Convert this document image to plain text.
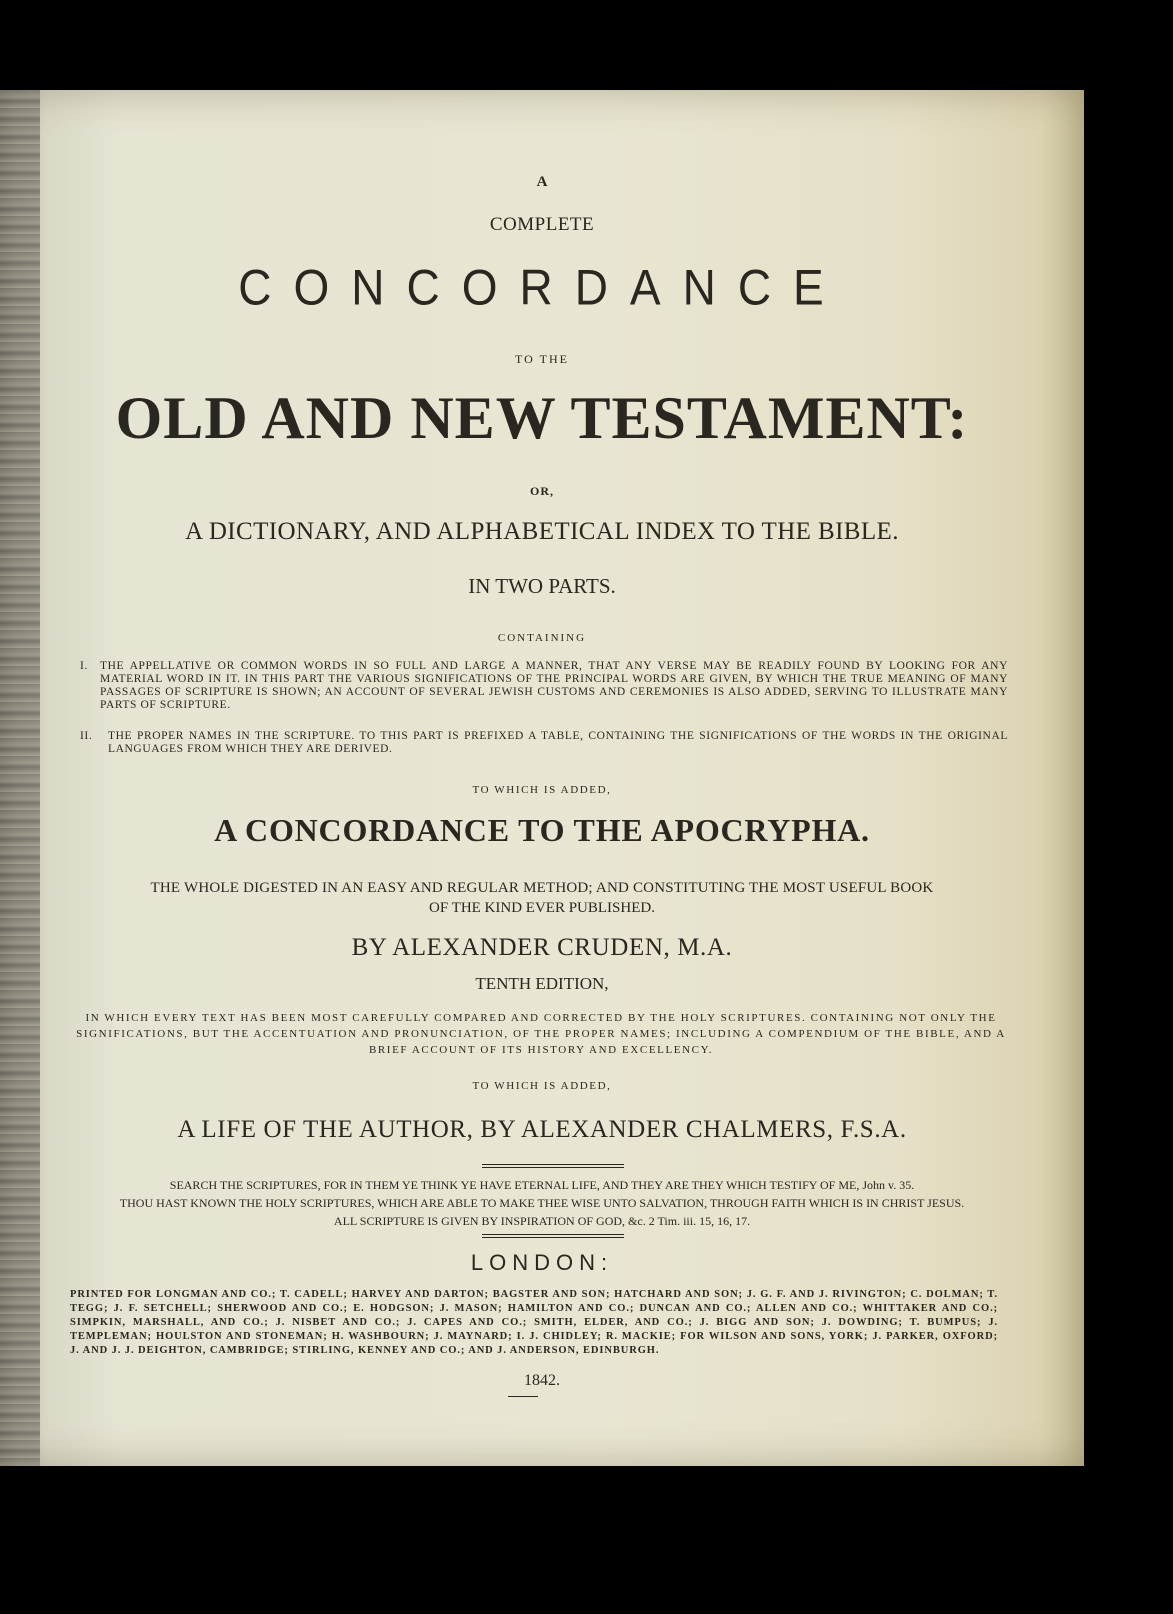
A
COMPLETE
CONCORDANCE
TO THE
OLD AND NEW TESTAMENT:
OR,
A DICTIONARY, AND ALPHABETICAL INDEX TO THE BIBLE.
IN TWO PARTS.
CONTAINING
I.	THE APPELLATIVE OR COMMON WORDS IN SO FULL AND LARGE A MANNER, THAT ANY VERSE MAY BE READILY FOUND BY LOOKING FOR ANY MATERIAL WORD IN IT. IN THIS PART THE VARIOUS SIGNIFICATIONS OF THE PRINCIPAL WORDS ARE GIVEN, BY WHICH THE TRUE MEANING OF MANY PASSAGES OF SCRIPTURE IS SHOWN; AN ACCOUNT OF SEVERAL JEWISH CUSTOMS AND CEREMONIES IS ALSO ADDED, SERVING TO ILLUSTRATE MANY PARTS OF SCRIPTURE.
II.	THE PROPER NAMES IN THE SCRIPTURE. TO THIS PART IS PREFIXED A TABLE, CONTAINING THE SIGNIFICATIONS OF THE WORDS IN THE ORIGINAL LANGUAGES FROM WHICH THEY ARE DERIVED.
TO WHICH IS ADDED,
A CONCORDANCE TO THE APOCRYPHA.
THE WHOLE DIGESTED IN AN EASY AND REGULAR METHOD; AND CONSTITUTING THE MOST USEFUL BOOK
OF THE KIND EVER PUBLISHED.
BY ALEXANDER CRUDEN, M.A.
TENTH EDITION,
IN WHICH EVERY TEXT HAS BEEN MOST CAREFULLY COMPARED AND CORRECTED BY THE HOLY SCRIPTURES. CONTAINING NOT ONLY THE SIGNIFICATIONS, BUT THE ACCENTUATION AND PRONUNCIATION, OF THE PROPER NAMES; INCLUDING A COMPENDIUM OF THE BIBLE, AND A BRIEF ACCOUNT OF ITS HISTORY AND EXCELLENCY.
TO WHICH IS ADDED,
A LIFE OF THE AUTHOR, BY ALEXANDER CHALMERS, F.S.A.
SEARCH THE SCRIPTURES, FOR IN THEM YE THINK YE HAVE ETERNAL LIFE, AND THEY ARE THEY WHICH TESTIFY OF ME, John v. 35.
THOU HAST KNOWN THE HOLY SCRIPTURES, WHICH ARE ABLE TO MAKE THEE WISE UNTO SALVATION, THROUGH FAITH WHICH IS IN CHRIST JESUS.
ALL SCRIPTURE IS GIVEN BY INSPIRATION OF GOD, &c. 2 Tim. iii. 15, 16, 17.
LONDON:
PRINTED FOR LONGMAN AND CO.; T. CADELL; HARVEY AND DARTON; BAGSTER AND SON; HATCHARD AND SON; J. G. F. AND J. RIVINGTON; C. DOLMAN; T. TEGG; J. F. SETCHELL; SHERWOOD AND CO.; E. HODGSON; J. MASON; HAMILTON AND CO.; DUNCAN AND CO.; ALLEN AND CO.; WHITTAKER AND CO.; SIMPKIN, MARSHALL, AND CO.; J. NISBET AND CO.; J. CAPES AND CO.; SMITH, ELDER, AND CO.; J. BIGG AND SON; J. DOWDING; T. BUMPUS; J. TEMPLEMAN; HOULSTON AND STONEMAN; H. WASHBOURN; J. MAYNARD; I. J. CHIDLEY; R. MACKIE; FOR WILSON AND SONS, YORK; J. PARKER, OXFORD; J. AND J. J. DEIGHTON, CAMBRIDGE; STIRLING, KENNEY AND CO.; AND J. ANDERSON, EDINBURGH.
1842.
